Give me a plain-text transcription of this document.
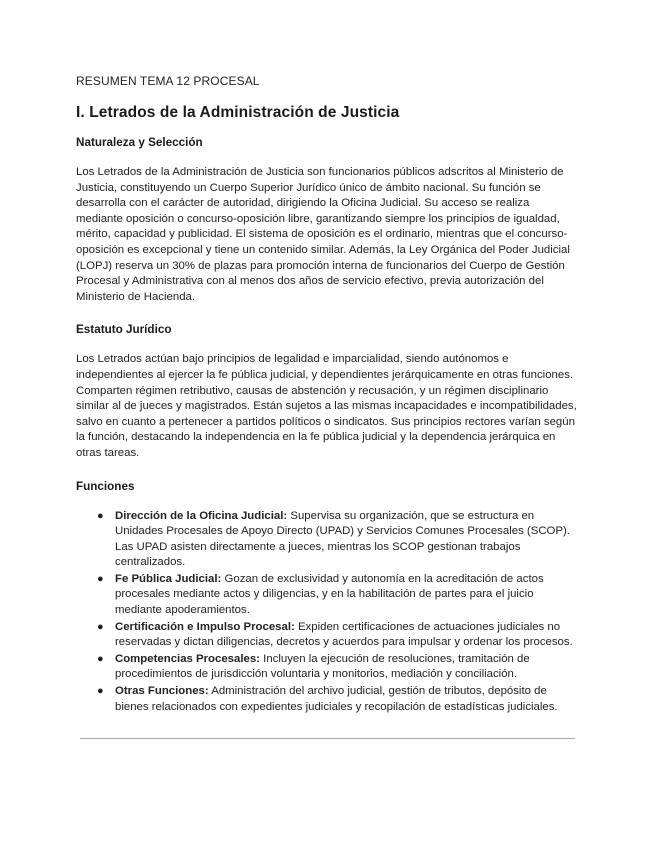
RESUMEN TEMA 12 PROCESAL
I. Letrados de la Administración de Justicia
Naturaleza y Selección

Los Letrados de la Administración de Justicia son funcionarios públicos adscritos al Ministerio de Justicia, constituyendo un Cuerpo Superior Jurídico único de ámbito nacional. Su función se desarrolla con el carácter de autoridad, dirigiendo la Oficina Judicial. Su acceso se realiza mediante oposición o concurso-oposición libre, garantizando siempre los principios de igualdad, mérito, capacidad y publicidad. El sistema de oposición es el ordinario, mientras que el concurso-oposición es excepcional y tiene un contenido similar. Además, la Ley Orgánica del Poder Judicial (LOPJ) reserva un 30% de plazas para promoción interna de funcionarios del Cuerpo de Gestión Procesal y Administrativa con al menos dos años de servicio efectivo, previa autorización del Ministerio de Hacienda.

Estatuto Jurídico

Los Letrados actúan bajo principios de legalidad e imparcialidad, siendo autónomos e independientes al ejercer la fe pública judicial, y dependientes jerárquicamente en otras funciones. Comparten régimen retributivo, causas de abstención y recusación, y un régimen disciplinario similar al de jueces y magistrados. Están sujetos a las mismas incapacidades e incompatibilidades, salvo en cuanto a pertenecer a partidos políticos o sindicatos. Sus principios rectores varían según la función, destacando la independencia en la fe pública judicial y la dependencia jerárquica en otras tareas.

Funciones
● Dirección de la Oficina Judicial: Supervisa su organización, que se estructura en Unidades Procesales de Apoyo Directo (UPAD) y Servicios Comunes Procesales (SCOP). Las UPAD asisten directamente a jueces, mientras los SCOP gestionan trabajos centralizados.
● Fe Pública Judicial: Gozan de exclusividad y autonomía en la acreditación de actos procesales mediante actos y diligencias, y en la habilitación de partes para el juicio mediante apoderamientos.
● Certificación e Impulso Procesal: Expiden certificaciones de actuaciones judiciales no reservadas y dictan diligencias, decretos y acuerdos para impulsar y ordenar los procesos.
● Competencias Procesales: Incluyen la ejecución de resoluciones, tramitación de procedimientos de jurisdicción voluntaria y monitorios, mediación y conciliación.
● Otras Funciones: Administración del archivo judicial, gestión de tributos, depósito de bienes relacionados con expedientes judiciales y recopilación de estadísticas judiciales.
